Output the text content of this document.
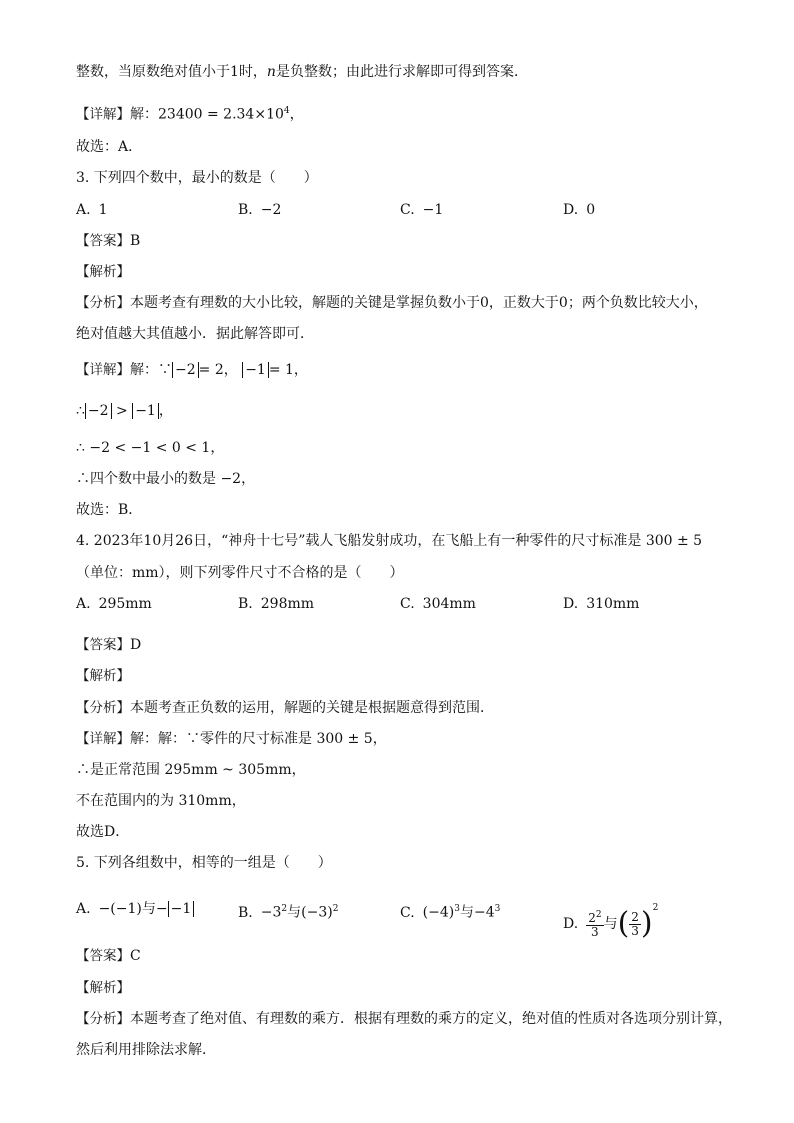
整数，当原数绝对值小于1时，n是负整数；由此进行求解即可得到答案．
【详解】解：$23400 = 2.34\times 10^4$，
故选：A．
3. 下列四个数中，最小的数是（　　）
A. 1	B. −2	C. −1	D. 0
【答案】B
【解析】
【分析】本题考查有理数的大小比较，解题的关键是掌握负数小于0，正数大于0；两个负数比较大小，
绝对值越大其值越小．据此解答即可．
【详解】解：∵ −2 = 2， −1 = 1，
∴ −2 > −1 ，
∴ −2 < −1 < 0 < 1，
∴四个数中最小的数是 −2，
故选：B．
4. 2023年10月26日，“神舟十七号”载人飞船发射成功，在飞船上有一种零件的尺寸标准是 300 ± 5
（单位：mm），则下列零件尺寸不合格的是（　　）
A. 295mm	B. 298mm	C. 304mm	D. 310mm
【答案】D
【解析】
【分析】本题考查正负数的运用，解题的关键是根据题意得到范围．
【详解】解：解：∵零件的尺寸标准是 300 ± 5，
∴是正常范围 295mm ~ 305mm，
不在范围内的为 310mm，
故选D．
5. 下列各组数中，相等的一组是（　　）
A. −(−1)与− −1	B. $-3^2$与$(-3)^2$	C. $(-4)^3$与$-4^3$
D. $\frac{2^2}{3}$ 与( $\frac{2}{3} )^2$
【答案】C
【解析】
【分析】本题考查了绝对值、有理数的乘方．根据有理数的乘方的定义，绝对值的性质对各选项分别计算，
然后利用排除法求解．
